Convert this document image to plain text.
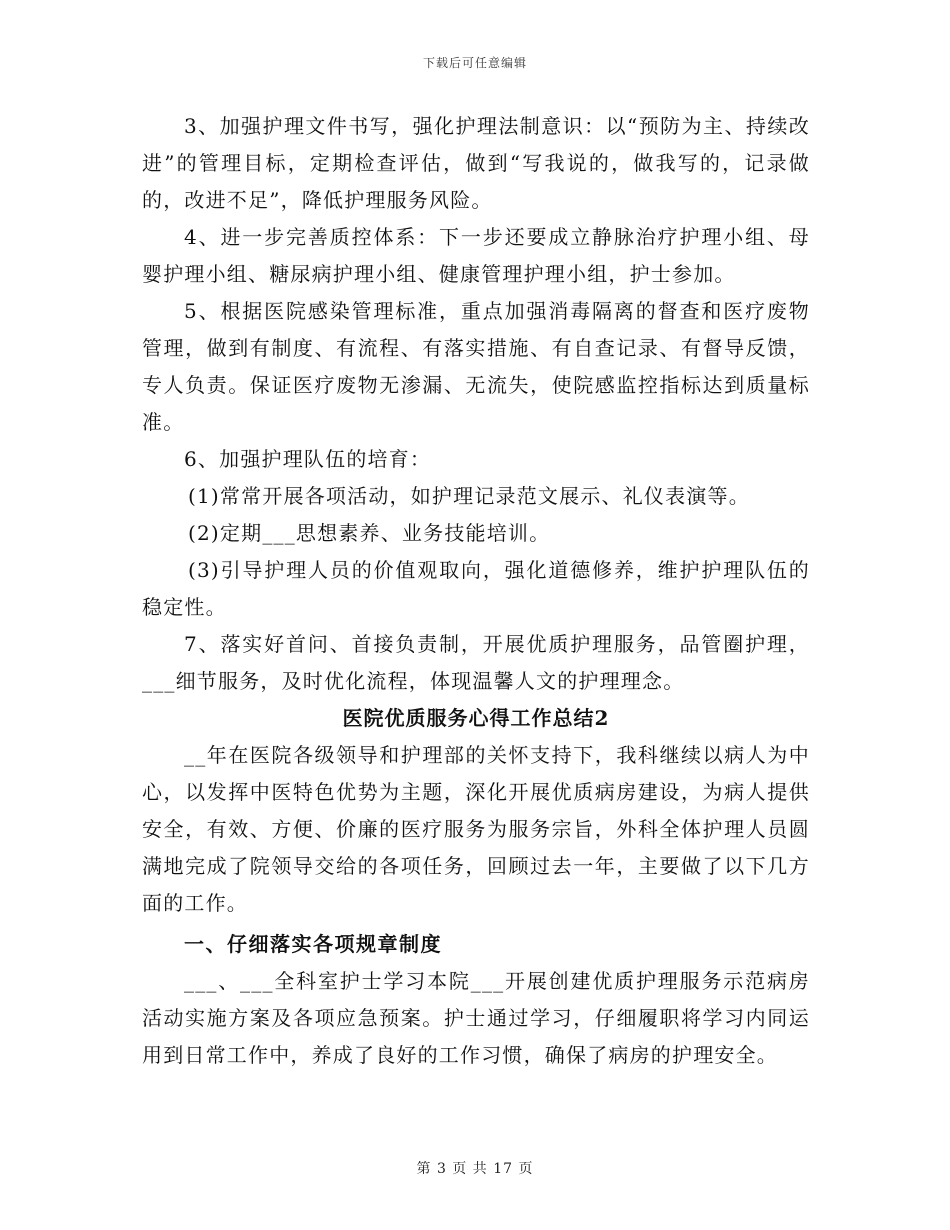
下载后可任意编辑

3、加强护理文件书写，强化护理法制意识：以“预防为主、持续改进”的管理目标，定期检查评估，做到“写我说的，做我写的，记录做的，改进不足”，降低护理服务风险。

4、进一步完善质控体系：下一步还要成立静脉治疗护理小组、母婴护理小组、糖尿病护理小组、健康管理护理小组，护士参加。

5、根据医院感染管理标准，重点加强消毒隔离的督查和医疗废物管理，做到有制度、有流程、有落实措施、有自查记录、有督导反馈，专人负责。保证医疗废物无渗漏、无流失，使院感监控指标达到质量标准。

6、加强护理队伍的培育：

(1)常常开展各项活动，如护理记录范文展示、礼仪表演等。

(2)定期___思想素养、业务技能培训。

(3)引导护理人员的价值观取向，强化道德修养，维护护理队伍的稳定性。

7、落实好首问、首接负责制，开展优质护理服务，品管圈护理，___细节服务，及时优化流程，体现温馨人文的护理理念。

医院优质服务心得工作总结2

__年在医院各级领导和护理部的关怀支持下，我科继续以病人为中心，以发挥中医特色优势为主题，深化开展优质病房建设，为病人提供安全，有效、方便、价廉的医疗服务为服务宗旨，外科全体护理人员圆满地完成了院领导交给的各项任务，回顾过去一年，主要做了以下几方面的工作。

一、仔细落实各项规章制度

___、___全科室护士学习本院___开展创建优质护理服务示范病房活动实施方案及各项应急预案。护士通过学习，仔细履职将学习内同运用到日常工作中，养成了良好的工作习惯，确保了病房的护理安全。

第 3 页 共 17 页
